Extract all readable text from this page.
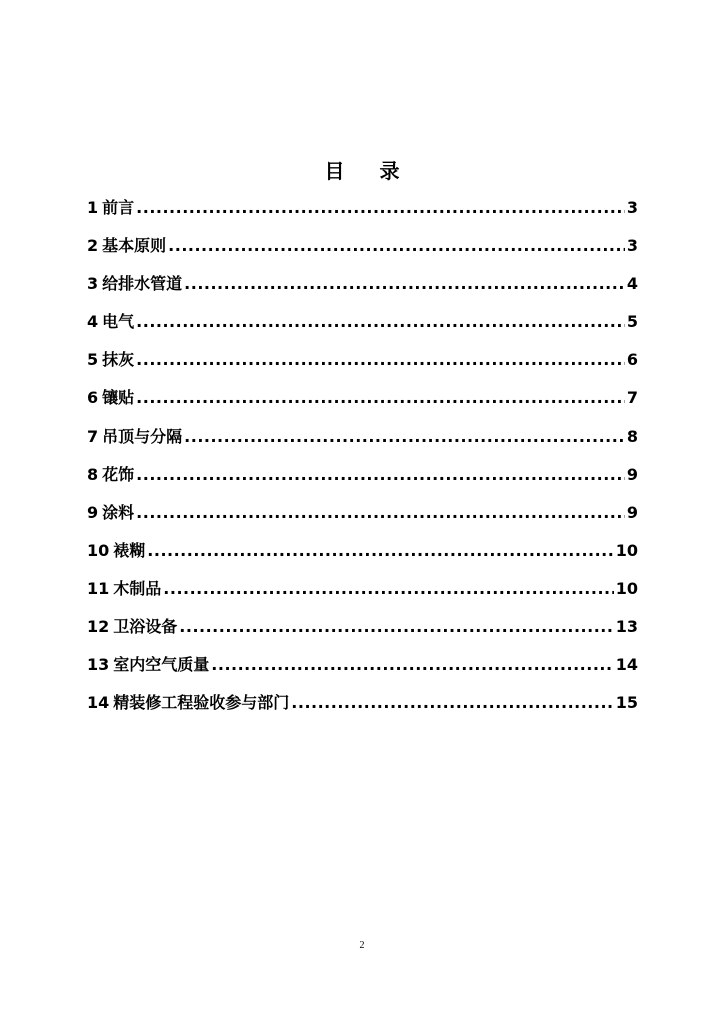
目 录
1 前言 .....	3
2 基本原则 .....	3
3 给排水管道 .....	4
4 电气 .....	5
5 抹灰 .....	6
6 镶贴 .....	7
7 吊顶与分隔 .....	8
8 花饰 .....	9
9 涂料 .....	9
10 裱糊 .....	10
11 木制品 .....	10
12 卫浴设备 .....	13
13 室内空气质量 .....	14
14 精装修工程验收参与部门 .....	15
2
